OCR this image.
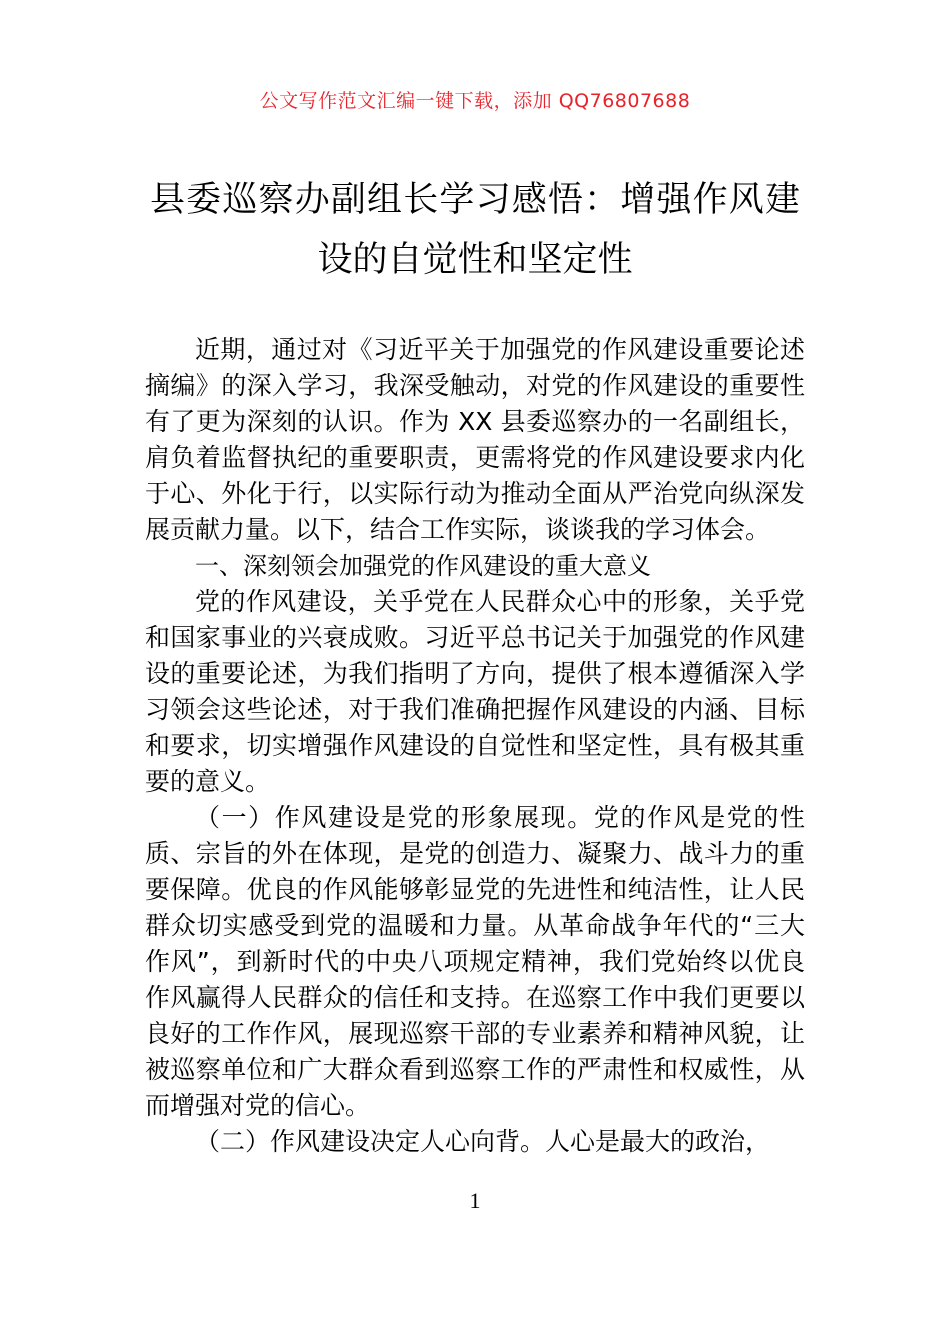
公文写作范文汇编一键下载，添加 QQ76807688
县委巡察办副组长学习感悟：增强作风建
设的自觉性和坚定性

近期，通过对《习近平关于加强党的作风建设重要论述摘编》的深入学习，我深受触动，对党的作风建设的重要性有了更为深刻的认识。作为 XX 县委巡察办的一名副组长，肩负着监督执纪的重要职责，更需将党的作风建设要求内化于心、外化于行，以实际行动为推动全面从严治党向纵深发展贡献力量。以下，结合工作实际，谈谈我的学习体会。

一、深刻领会加强党的作风建设的重大意义

党的作风建设，关乎党在人民群众心中的形象，关乎党和国家事业的兴衰成败。习近平总书记关于加强党的作风建设的重要论述，为我们指明了方向，提供了根本遵循深入学习领会这些论述，对于我们准确把握作风建设的内涵、目标和要求，切实增强作风建设的自觉性和坚定性，具有极其重要的意义。

（一）作风建设是党的形象展现。党的作风是党的性质、宗旨的外在体现，是党的创造力、凝聚力、战斗力的重要保障。优良的作风能够彰显党的先进性和纯洁性，让人民群众切实感受到党的温暖和力量。从革命战争年代的“三大作风”，到新时代的中央八项规定精神，我们党始终以优良作风赢得人民群众的信任和支持。在巡察工作中我们更要以良好的工作作风，展现巡察干部的专业素养和精神风貌，让被巡察单位和广大群众看到巡察工作的严肃性和权威性，从而增强对党的信心。

（二）作风建设决定人心向背。人心是最大的政治，

1
